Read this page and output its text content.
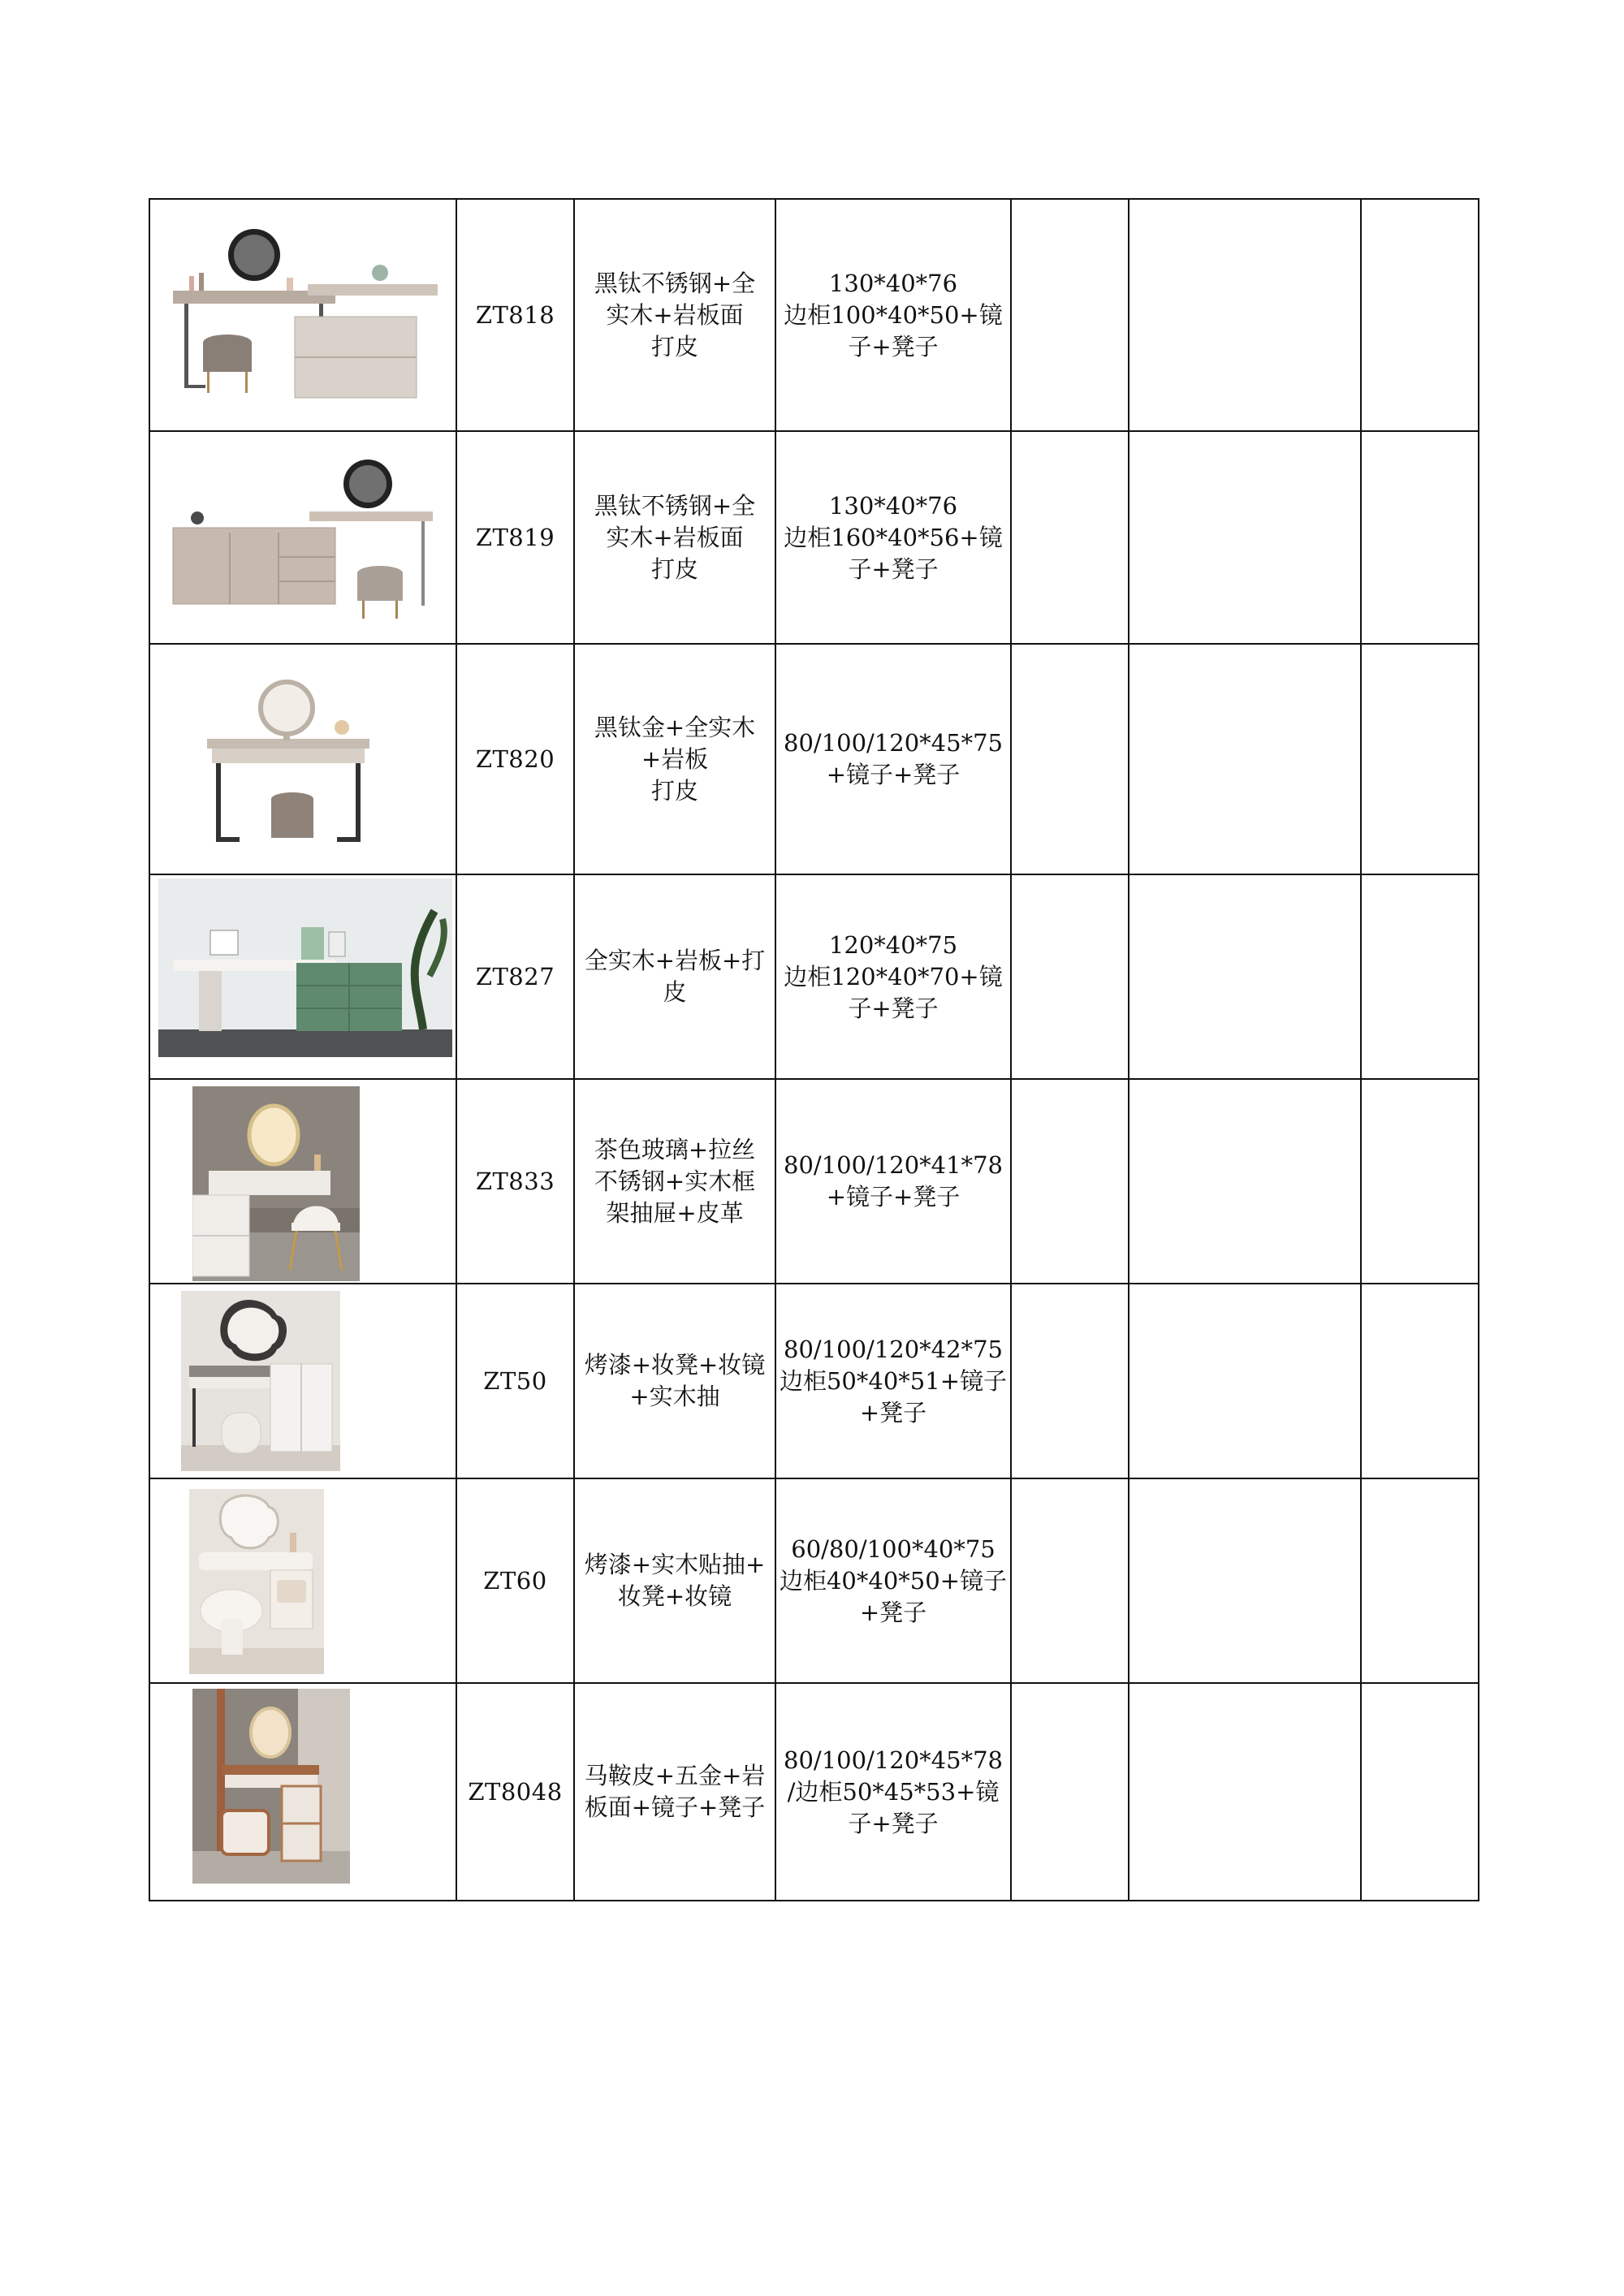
	ZT818	黑钛不锈钢+全
实木+岩板面
打皮	130*40*76
边柜100*40*50+镜
子+凳子			

	ZT819	黑钛不锈钢+全
实木+岩板面
打皮	130*40*76
边柜160*40*56+镜
子+凳子			

	ZT820	黑钛金+全实木
+岩板
打皮	80/100/120*45*75
+镜子+凳子			

	ZT827	全实木+岩板+打
皮	120*40*75
边柜120*40*70+镜
子+凳子			

	ZT833	茶色玻璃+拉丝
不锈钢+实木框
架抽屉+皮革	80/100/120*41*78
+镜子+凳子			

	ZT50	烤漆+妆凳+妆镜
+实木抽	80/100/120*42*75
边柜50*40*51+镜子
+凳子			

	ZT60	烤漆+实木贴抽+
妆凳+妆镜	60/80/100*40*75
边柜40*40*50+镜子
+凳子			

	ZT8048	马鞍皮+五金+岩
板面+镜子+凳子	80/100/120*45*78
/边柜50*45*53+镜
子+凳子			
